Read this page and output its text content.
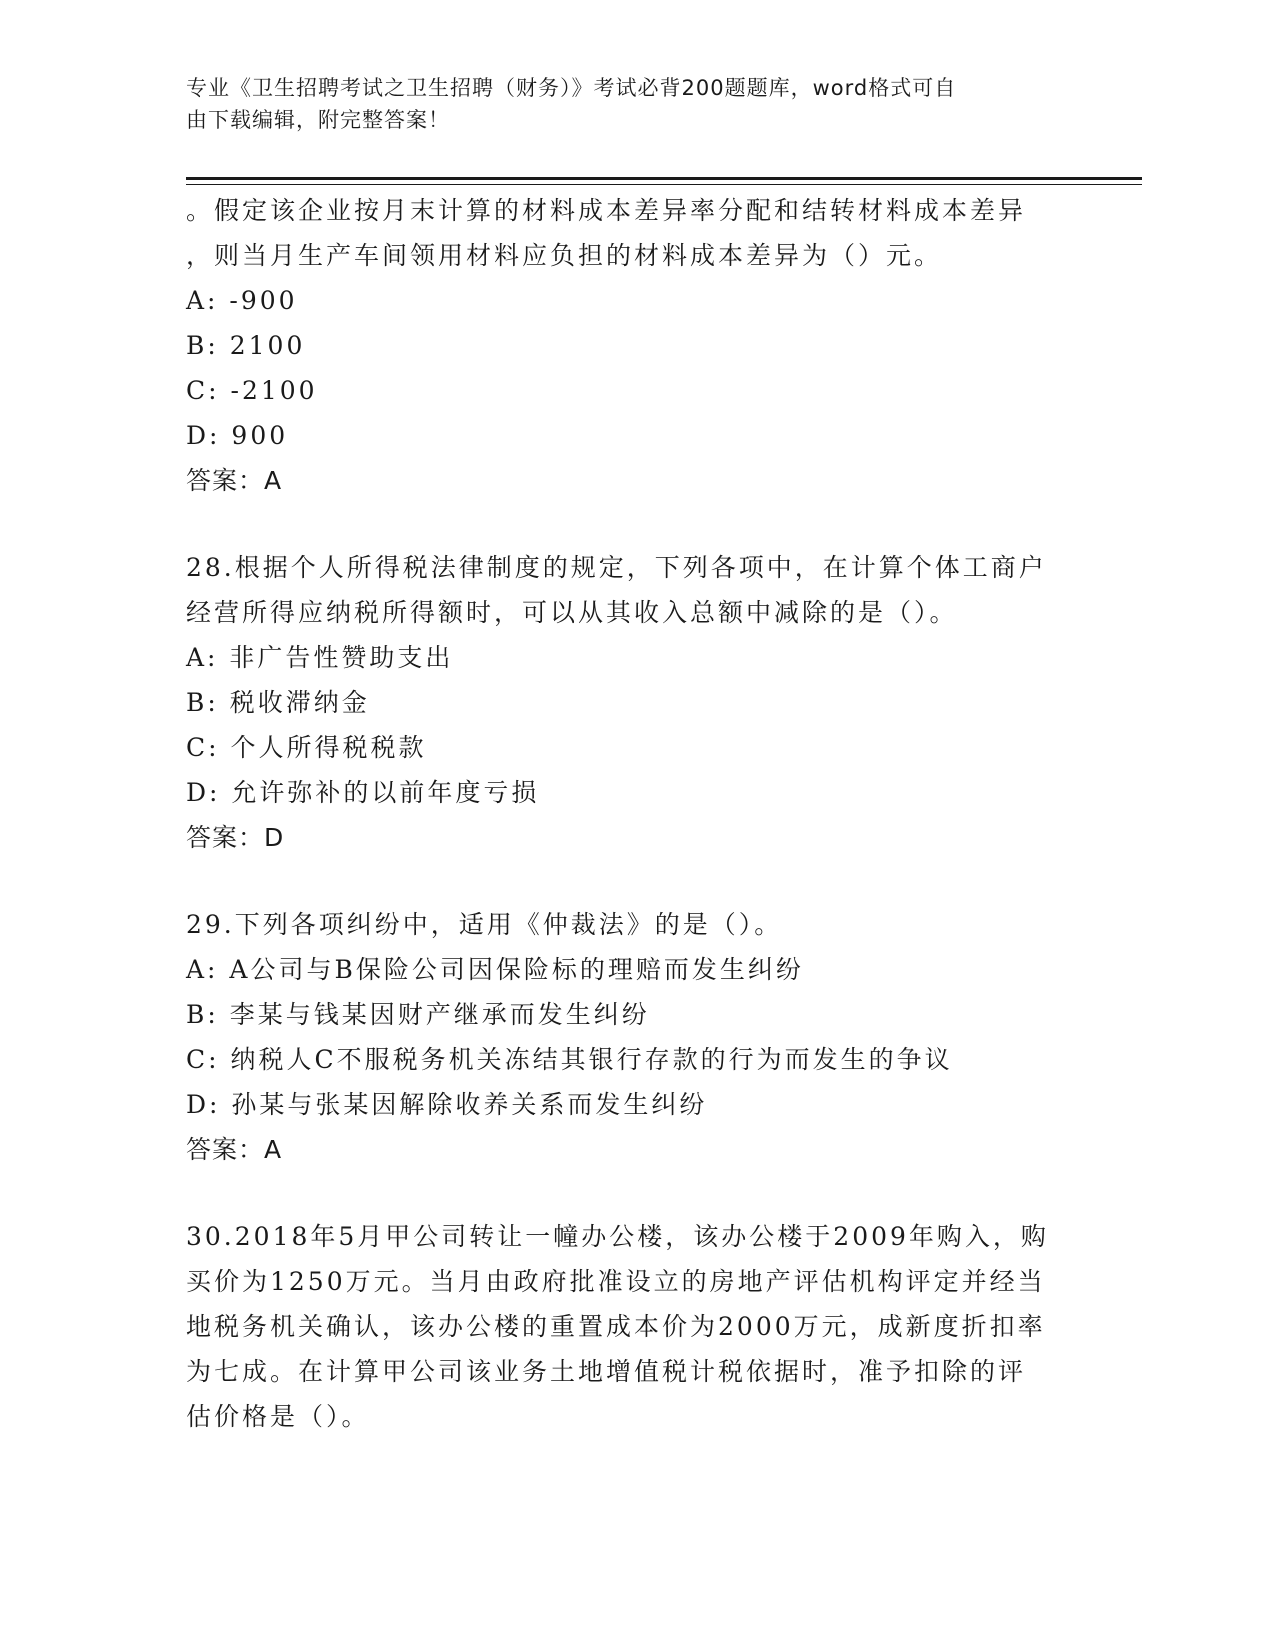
专业《卫生招聘考试之卫生招聘（财务）》考试必背200题题库，word格式可自
由下载编辑，附完整答案！
。假定该企业按月末计算的材料成本差异率分配和结转材料成本差异
，则当月生产车间领用材料应负担的材料成本差异为（）元。
A: -900
B: 2100
C: -2100
D: 900
答案：A
28.根据个人所得税法律制度的规定，下列各项中，在计算个体工商户
经营所得应纳税所得额时，可以从其收入总额中减除的是（）。
A: 非广告性赞助支出
B: 税收滞纳金
C: 个人所得税税款
D: 允许弥补的以前年度亏损
答案：D
29.下列各项纠纷中，适用《仲裁法》的是（）。
A: A公司与B保险公司因保险标的理赔而发生纠纷
B: 李某与钱某因财产继承而发生纠纷
C: 纳税人C不服税务机关冻结其银行存款的行为而发生的争议
D: 孙某与张某因解除收养关系而发生纠纷
答案：A
30.2018年5月甲公司转让一幢办公楼，该办公楼于2009年购入，购
买价为1250万元。当月由政府批准设立的房地产评估机构评定并经当
地税务机关确认，该办公楼的重置成本价为2000万元，成新度折扣率
为七成。在计算甲公司该业务土地增值税计税依据时，准予扣除的评
估价格是（）。
